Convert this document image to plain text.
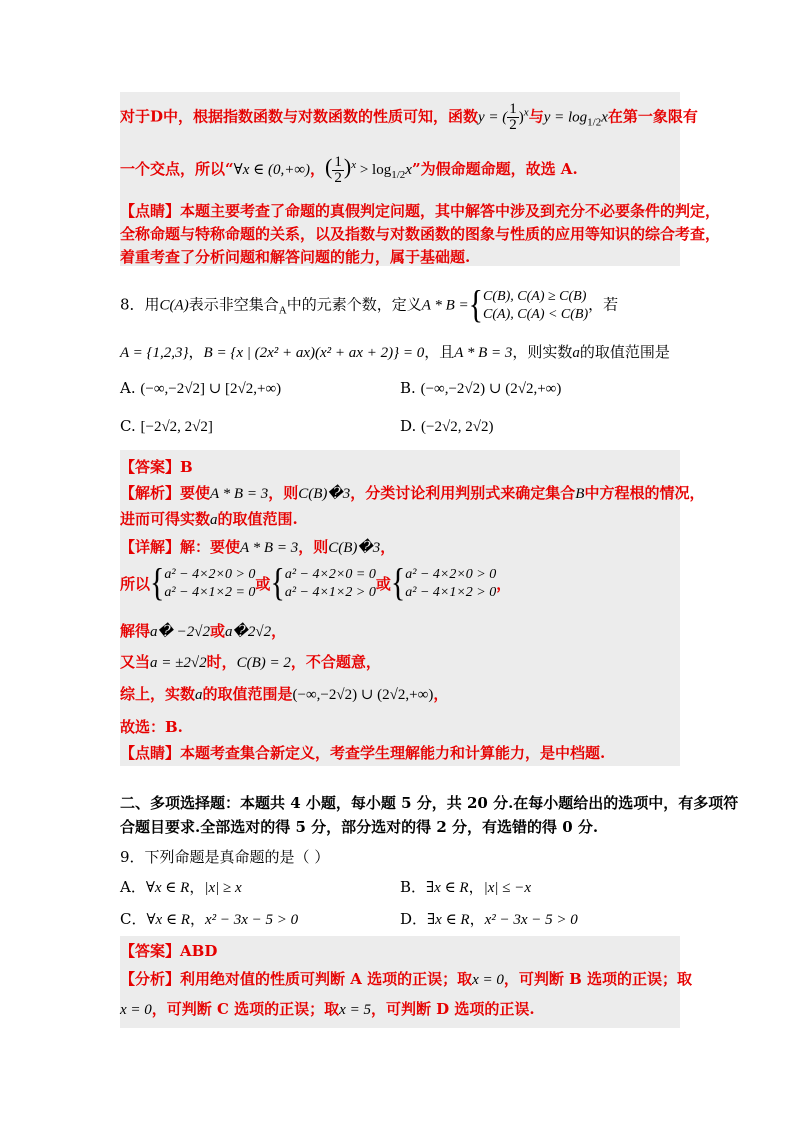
对于D中，根据指数函数与对数函数的性质可知，函数y = ( $\frac{1}{2} )^x$与$y = \log_{1/2}x$在第一象限有
一个交点，所以“∀x ∈ (0,+∞)，( $\frac{1}{2} )^x > \log_{1/2}x$”为假命题命题，故选 A.
【点睛】本题主要考查了命题的真假判定问题，其中解答中涉及到充分不必要条件的判定，
全称命题与特称命题的关系，以及指数与对数函数的图象与性质的应用等知识的综合考查，
着重考查了分析问题和解答问题的能力，属于基础题.
8．用C(A)表示非空集合$_A$中的元素个数，定义A * B ={ C(B), C(A) ≥ C(B)
C(A), C(A) < C(B)
，若
A = {1,2,3}，B = {x | (2x² + ax)(x² + ax + 2)} = 0，且A * B = 3，则实数a的取值范围是
A. (−∞,−2√2] ∪ [2√2,+∞)	B. (−∞,−2√2) ∪ (2√2,+∞)
C. [−2√2, 2√2]	D. (−2√2, 2√2)
【答案】B
【解析】要使A * B = 3，则C(B)�3，分类讨论利用判别式来确定集合B中方程根的情况，
进而可得实数a的取值范围.
【详解】解：要使A * B = 3，则C(B)�3，
所以{ a² − 4×2×0 > 0
a² − 4×1×2 = 0 或{ a² − 4×2×0 = 0
a² − 4×1×2 > 0 或{ a² − 4×2×0 > 0
a² − 4×1×2 > 0 ，
解得a� −2√2或a�2√2，
又当a = ±2√2时，C(B) = 2，不合题意，
综上，实数a的取值范围是(−∞,−2√2) ∪ (2√2,+∞)，
故选：B.
【点睛】本题考查集合新定义，考查学生理解能力和计算能力，是中档题.
二、多项选择题：本题共 4 小题，每小题 5 分，共 20 分.在每小题给出的选项中，有多项符
合题目要求.全部选对的得 5 分，部分选对的得 2 分，有选错的得 0 分.
9．下列命题是真命题的是（ ）
A．∀x ∈ R，|x| ≥ x	B．∃x ∈ R，|x| ≤ −x
C．∀x ∈ R，x² − 3x − 5 > 0	D．∃x ∈ R，x² − 3x − 5 > 0
【答案】ABD
【分析】利用绝对值的性质可判断 A 选项的正误；取x = 0，可判断 B 选项的正误；取
x = 0，可判断 C 选项的正误；取x = 5，可判断 D 选项的正误.
